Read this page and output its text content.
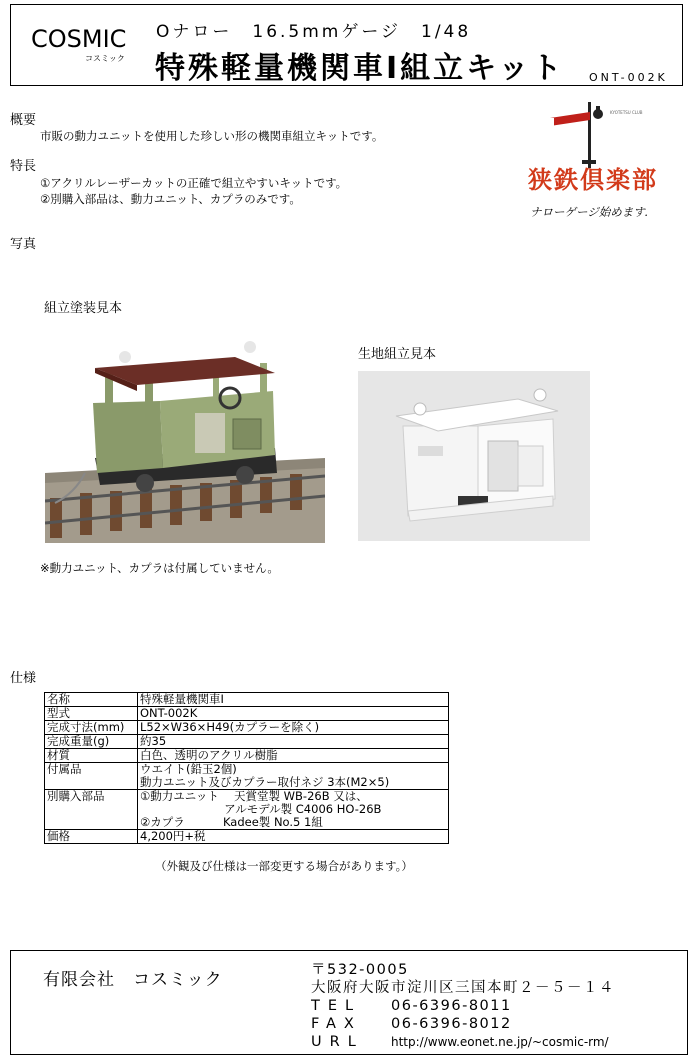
COSMIC
コスミック
Oナロー　16.5mmゲージ　1/48
特殊軽量機関車Ⅰ組立キット ONT-002K
概要
市販の動力ユニットを使用した珍しい形の機関車組立キットです。
特長
①アクリルレーザーカットの正確で組立やすいキットです。
②別購入部品は、動力ユニット、カプラのみです。
KYOTETSU CLUB
狭鉄倶楽部
ナローゲージ始めます.
写真
組立塗装見本
生地組立見本
※動力ユニット、カプラは付属していません。
仕様
名称	特殊軽量機関車Ⅰ
型式	ONT-002K
完成寸法(mm)	L52×W36×H49(カプラーを除く)
完成重量(g)	約35
材質	白色、透明のアクリル樹脂
付属品	ウエイト(鉛玉2個)
動力ユニット及びカプラー取付ネジ 3本(M2×5)

別購入部品	①動力ユニット　 天賞堂製 WB-26B 又は、
　　　　　　　 アルモデル製 C4006 HO-26B
②カプラ　　　 Kadee製 No.5 1組

価格	4,200円+税
（外観及び仕様は一部変更する場合があります。）
有限会社　コスミック	〒532-0005
大阪府大阪市淀川区三国本町２－５－１４
TEL	06-6396-8011
FAX	06-6396-8012
URL	http://www.eonet.ne.jp/~cosmic-rm/
